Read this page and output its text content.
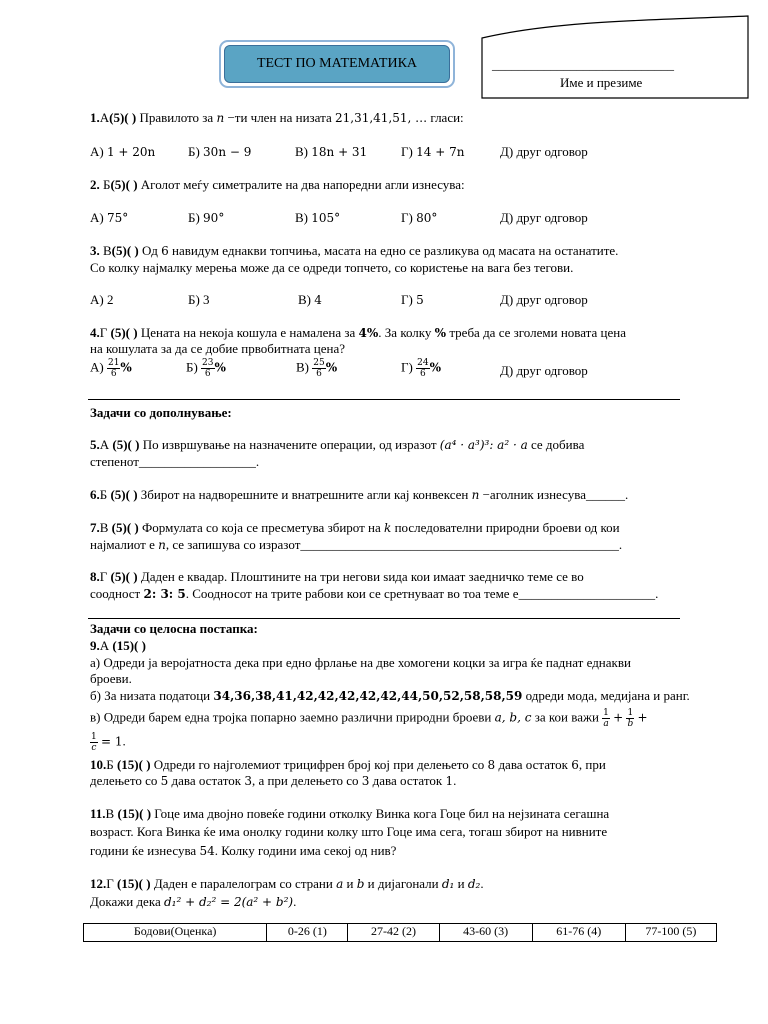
ТЕСТ ПО МАТЕМАТИКА	____________________________
Име и презиме
1.А(5)( ) Правилото за n −ти член на низата 21,31,41,51, … гласи:
А) 1 + 20n	Б) 30n − 9	В) 18n + 31	Г) 14 + 7n	Д) друг одговор
2. Б(5)( ) Аголот меѓу симетралите на два напоредни агли изнесува:
А) 75°	Б) 90°	В) 105°	Г) 80°	Д) друг одговор
3. В(5)( ) Од 6 навидум еднакви топчиња, масата на едно се разликува од масата на останатите.
Со колку најмалку мерења може да се одреди топчето, со користење на вага без тегови.
А) 2	Б) 3	В) 4	Г) 5	Д) друг одговор
4.Г (5)( ) Цената на некоја кошула е намалена за 4%. За колку % треба да се зголеми новата цена
на кошулата за да се добие првобитната цена?
$А) \frac{21}{6}$ %	$Б) \frac{23}{6}$ %	$В) \frac{25}{6}$ %	$Г) \frac{24}{6}$ %	Д) друг одговор
Задачи со дополнување:
5.А (5)( ) По извршување на назначените операции, од изразот (a⁴ · a³)³: a² · a се добива
степенот__________________.
6.Б (5)( ) Збирот на надворешните и внатрешните агли кај конвексен n −аголник изнесува______.
7.В (5)( ) Формулата со која се пресметува збирот на k последователни природни броеви од кои
најмалиот е n, се запишува со изразот_________________________________________________.
8.Г (5)( ) Даден е квадар. Плоштините на три негови ѕида кои имаат заедничко теме се во
соодност 2: 3: 5. Соодносот на трите рабови кои се сретнуваат во тоа теме е_____________________.
Задачи со целосна постапка:
9.А (15)( )
а) Одреди ја веројатноста дека при едно фрлање на две хомогени коцки за игра ќе паднат еднакви
броеви.
б) За низата податоци 34,36,38,41,42,42,42,42,42,44,50,52,58,58,59 одреди мода, медијана и ранг.
в) Одреди барем една тројка попарно заемно различни природни броеви a, b, c за кои важи $\frac{1}{a} + \frac{1}{b}$ +
$\frac{1}{c} = 1$.
10.Б (15)( ) Одреди го најголемиот трицифрен број кој при делењето со 8 дава остаток 6, при
делењето со 5 дава остаток 3, а при делењето со 3 дава остаток 1.
11.В (15)( ) Гоце има двојно повеќе години отколку Винка кога Гоце бил на нејзината сегашна
возраст. Кога Винка ќе има онолку години колку што Гоце има сега, тогаш збирот на нивните
години ќе изнесува 54. Колку години има секој од нив?
12.Г (15)( ) Даден е паралелограм со страни a и b и дијагонали d₁ и d₂.
Докажи дека d₁² + d₂² = 2(a² + b²).
Бодови(Оценка)	0-26 (1)	27-42 (2)	43-60 (3)	61-76 (4)	77-100 (5)
